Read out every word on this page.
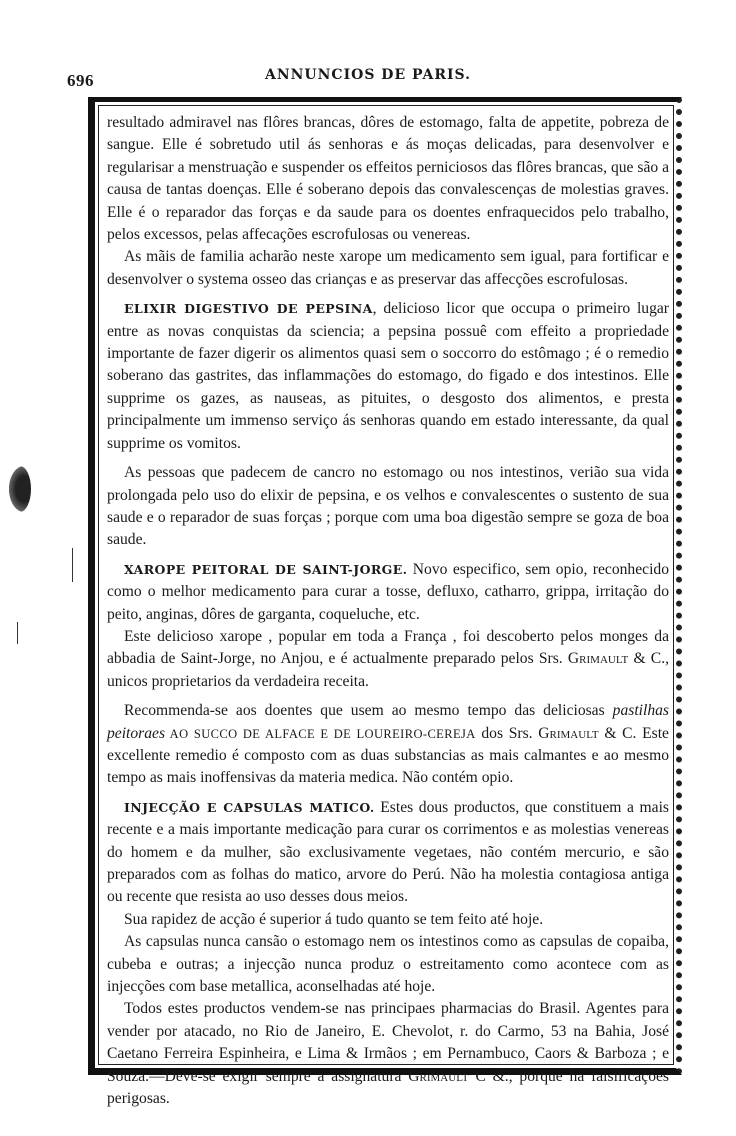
696	ANNUNCIOS DE PARIS.

resultado admiravel nas flôres brancas, dôres de estomago, falta de appetite, pobreza de sangue. Elle é sobretudo util ás senhoras e ás moças delicadas, para desenvolver e regularisar a menstruação e suspender os effeitos perniciosos das flôres brancas, que são a causa de tantas doenças. Elle é soberano depois das convalescenças de molestias graves. Elle é o reparador das forças e da saude para os doentes enfraquecidos pelo trabalho, pelos excessos, pelas affecações escrofulosas ou venereas.

As mãis de familia acharão neste xarope um medicamento sem igual, para fortificar e desenvolver o systema osseo das crianças e as preservar das affecções escrofulosas.

ELIXIR DIGESTIVO DE PEPSINA, delicioso licor que occupa o primeiro lugar entre as novas conquistas da sciencia; a pepsina possuê com effeito a propriedade importante de fazer digerir os alimentos quasi sem o soccorro do estômago ; é o remedio soberano das gastrites, das inflammações do estomago, do figado e dos intestinos. Elle supprime os gazes, as nauseas, as pituites, o desgosto dos alimentos, e presta principalmente um immenso serviço ás senhoras quando em estado interessante, da qual supprime os vomitos.

As pessoas que padecem de cancro no estomago ou nos intestinos, verião sua vida prolongada pelo uso do elixir de pepsina, e os velhos e convalescentes o sustento de sua saude e o reparador de suas forças ; porque com uma boa digestão sempre se goza de boa saude.

XAROPE PEITORAL DE SAINT-JORGE. Novo especifico, sem opio, reconhecido como o melhor medicamento para curar a tosse, defluxo, catharro, grippa, irritação do peito, anginas, dôres de garganta, coqueluche, etc.

Este delicioso xarope , popular em toda a França , foi descoberto pelos monges da abbadia de Saint-Jorge, no Anjou, e é actualmente preparado pelos Srs. Grimault & C., unicos proprietarios da verdadeira receita.

Recommenda-se aos doentes que usem ao mesmo tempo das deliciosas pastilhas peitoraes AO SUCCO DE ALFACE E DE LOUREIRO-CEREJA dos Srs. Grimault & C. Este excellente remedio é composto com as duas substancias as mais calmantes e ao mesmo tempo as mais inoffensivas da materia medica. Não contém opio.

INJECÇÃO E CAPSULAS MATICO. Estes dous productos, que constituem a mais recente e a mais importante medicação para curar os corrimentos e as molestias venereas do homem e da mulher, são exclusivamente vegetaes, não contém mercurio, e são preparados com as folhas do matico, arvore do Perú. Não ha molestia contagiosa antiga ou recente que resista ao uso desses dous meios.

Sua rapidez de acção é superior á tudo quanto se tem feito até hoje.

As capsulas nunca cansão o estomago nem os intestinos como as capsulas de copaiba, cubeba e outras; a injecção nunca produz o estreitamento como acontece com as injecções com base metallica, aconselhadas até hoje.

Todos estes productos vendem-se nas principaes pharmacias do Brasil. Agentes para vender por atacado, no Rio de Janeiro, E. Chevolot, r. do Carmo, 53 na Bahia, José Caetano Ferreira Espinheira, e Lima & Irmãos ; em Pernambuco, Caors & Barboza ; e Souza.—Deve-se exigir sempre a assignatura Grimault C &., porque ha falsificações perigosas.
